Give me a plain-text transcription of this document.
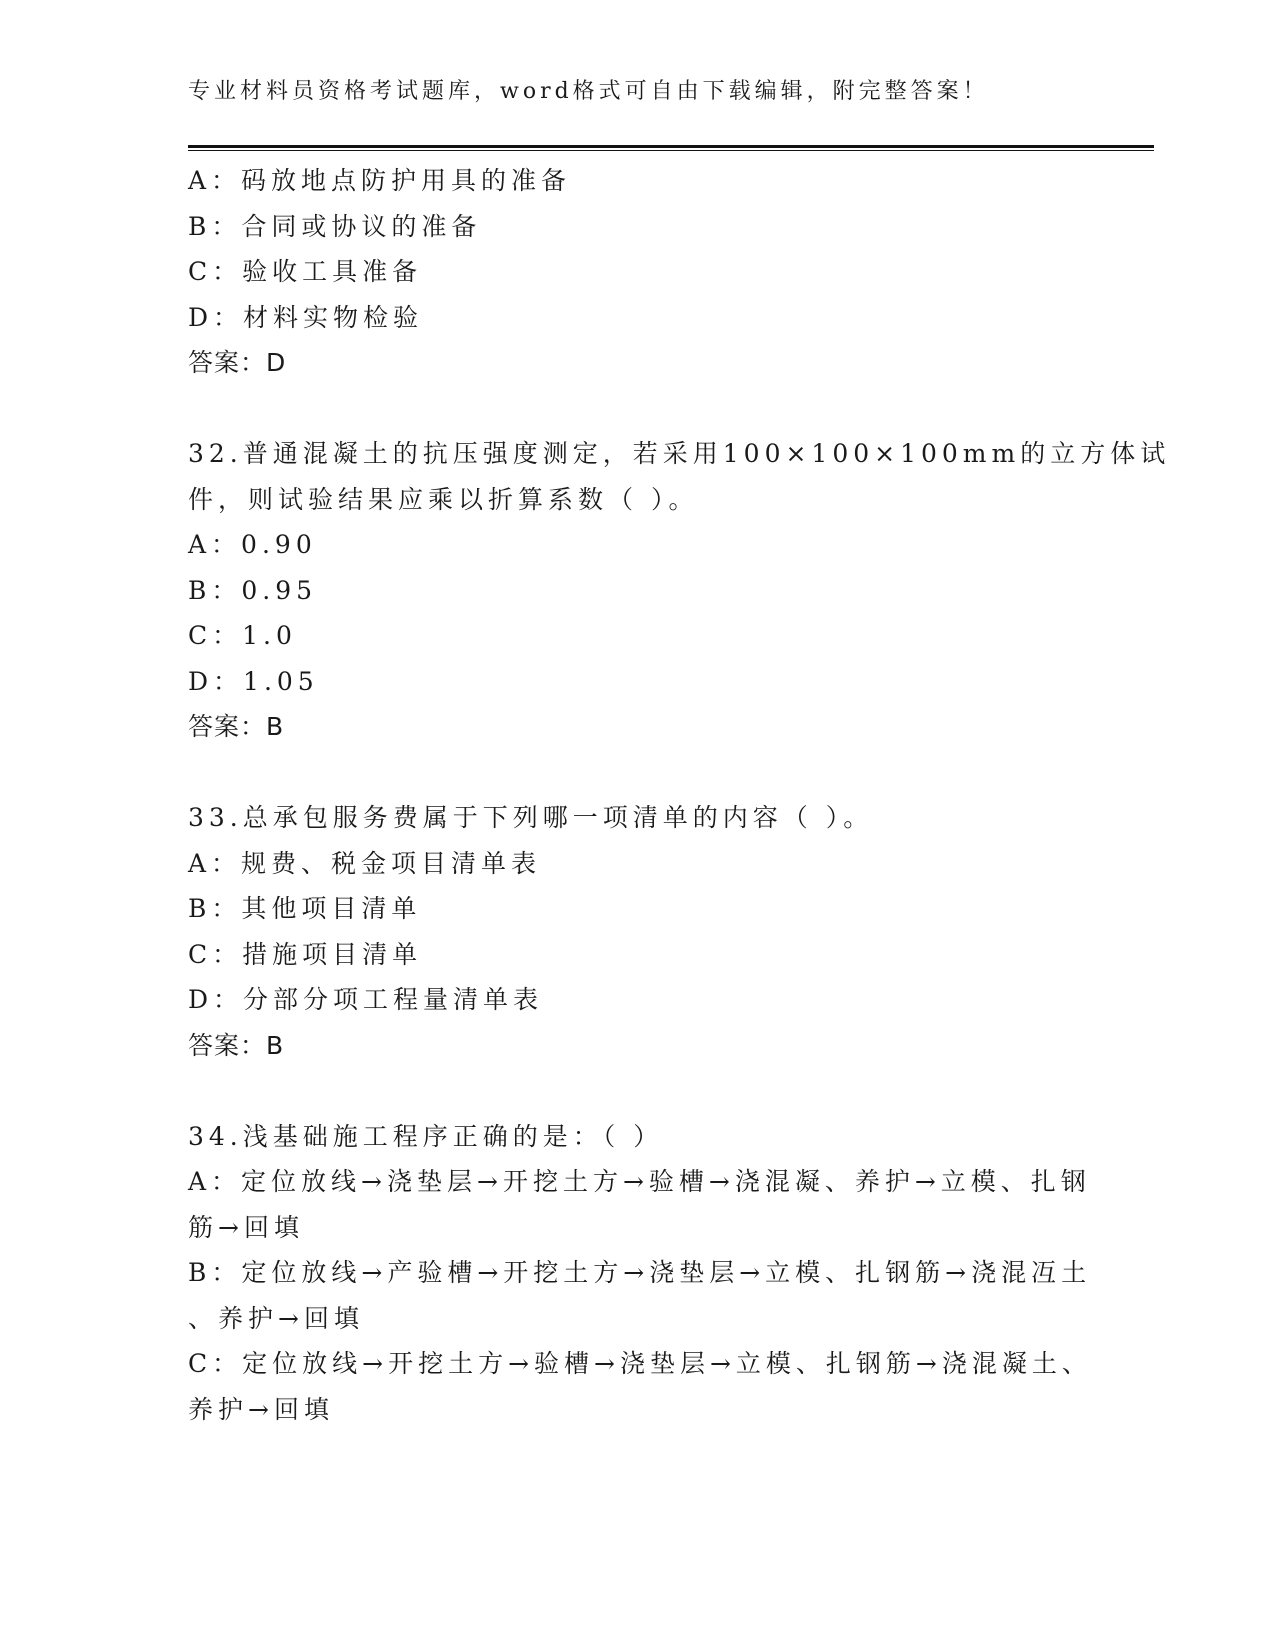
专业材料员资格考试题库，word格式可自由下载编辑，附完整答案！
A：码放地点防护用具的准备
B：合同或协议的准备
C：验收工具准备
D：材料实物检验
答案：D
32.普通混凝土的抗压强度测定，若采用100×100×100mm的立方体试
件，则试验结果应乘以折算系数（ ）。
A：0.90
B：0.95
C：1.0
D：1.05
答案：B
33.总承包服务费属于下列哪一项清单的内容（ ）。
A：规费、税金项目清单表
B：其他项目清单
C：措施项目清单
D：分部分项工程量清单表
答案：B
34.浅基础施工程序正确的是：（ ）
A：定位放线→浇垫层→开挖土方→验槽→浇混凝、养护→立模、扎钢
筋→回填
B：定位放线→产验槽→开挖土方→浇垫层→立模、扎钢筋→浇混冱土
、养护→回填
C：定位放线→开挖土方→验槽→浇垫层→立模、扎钢筋→浇混凝土、
养护→回填
